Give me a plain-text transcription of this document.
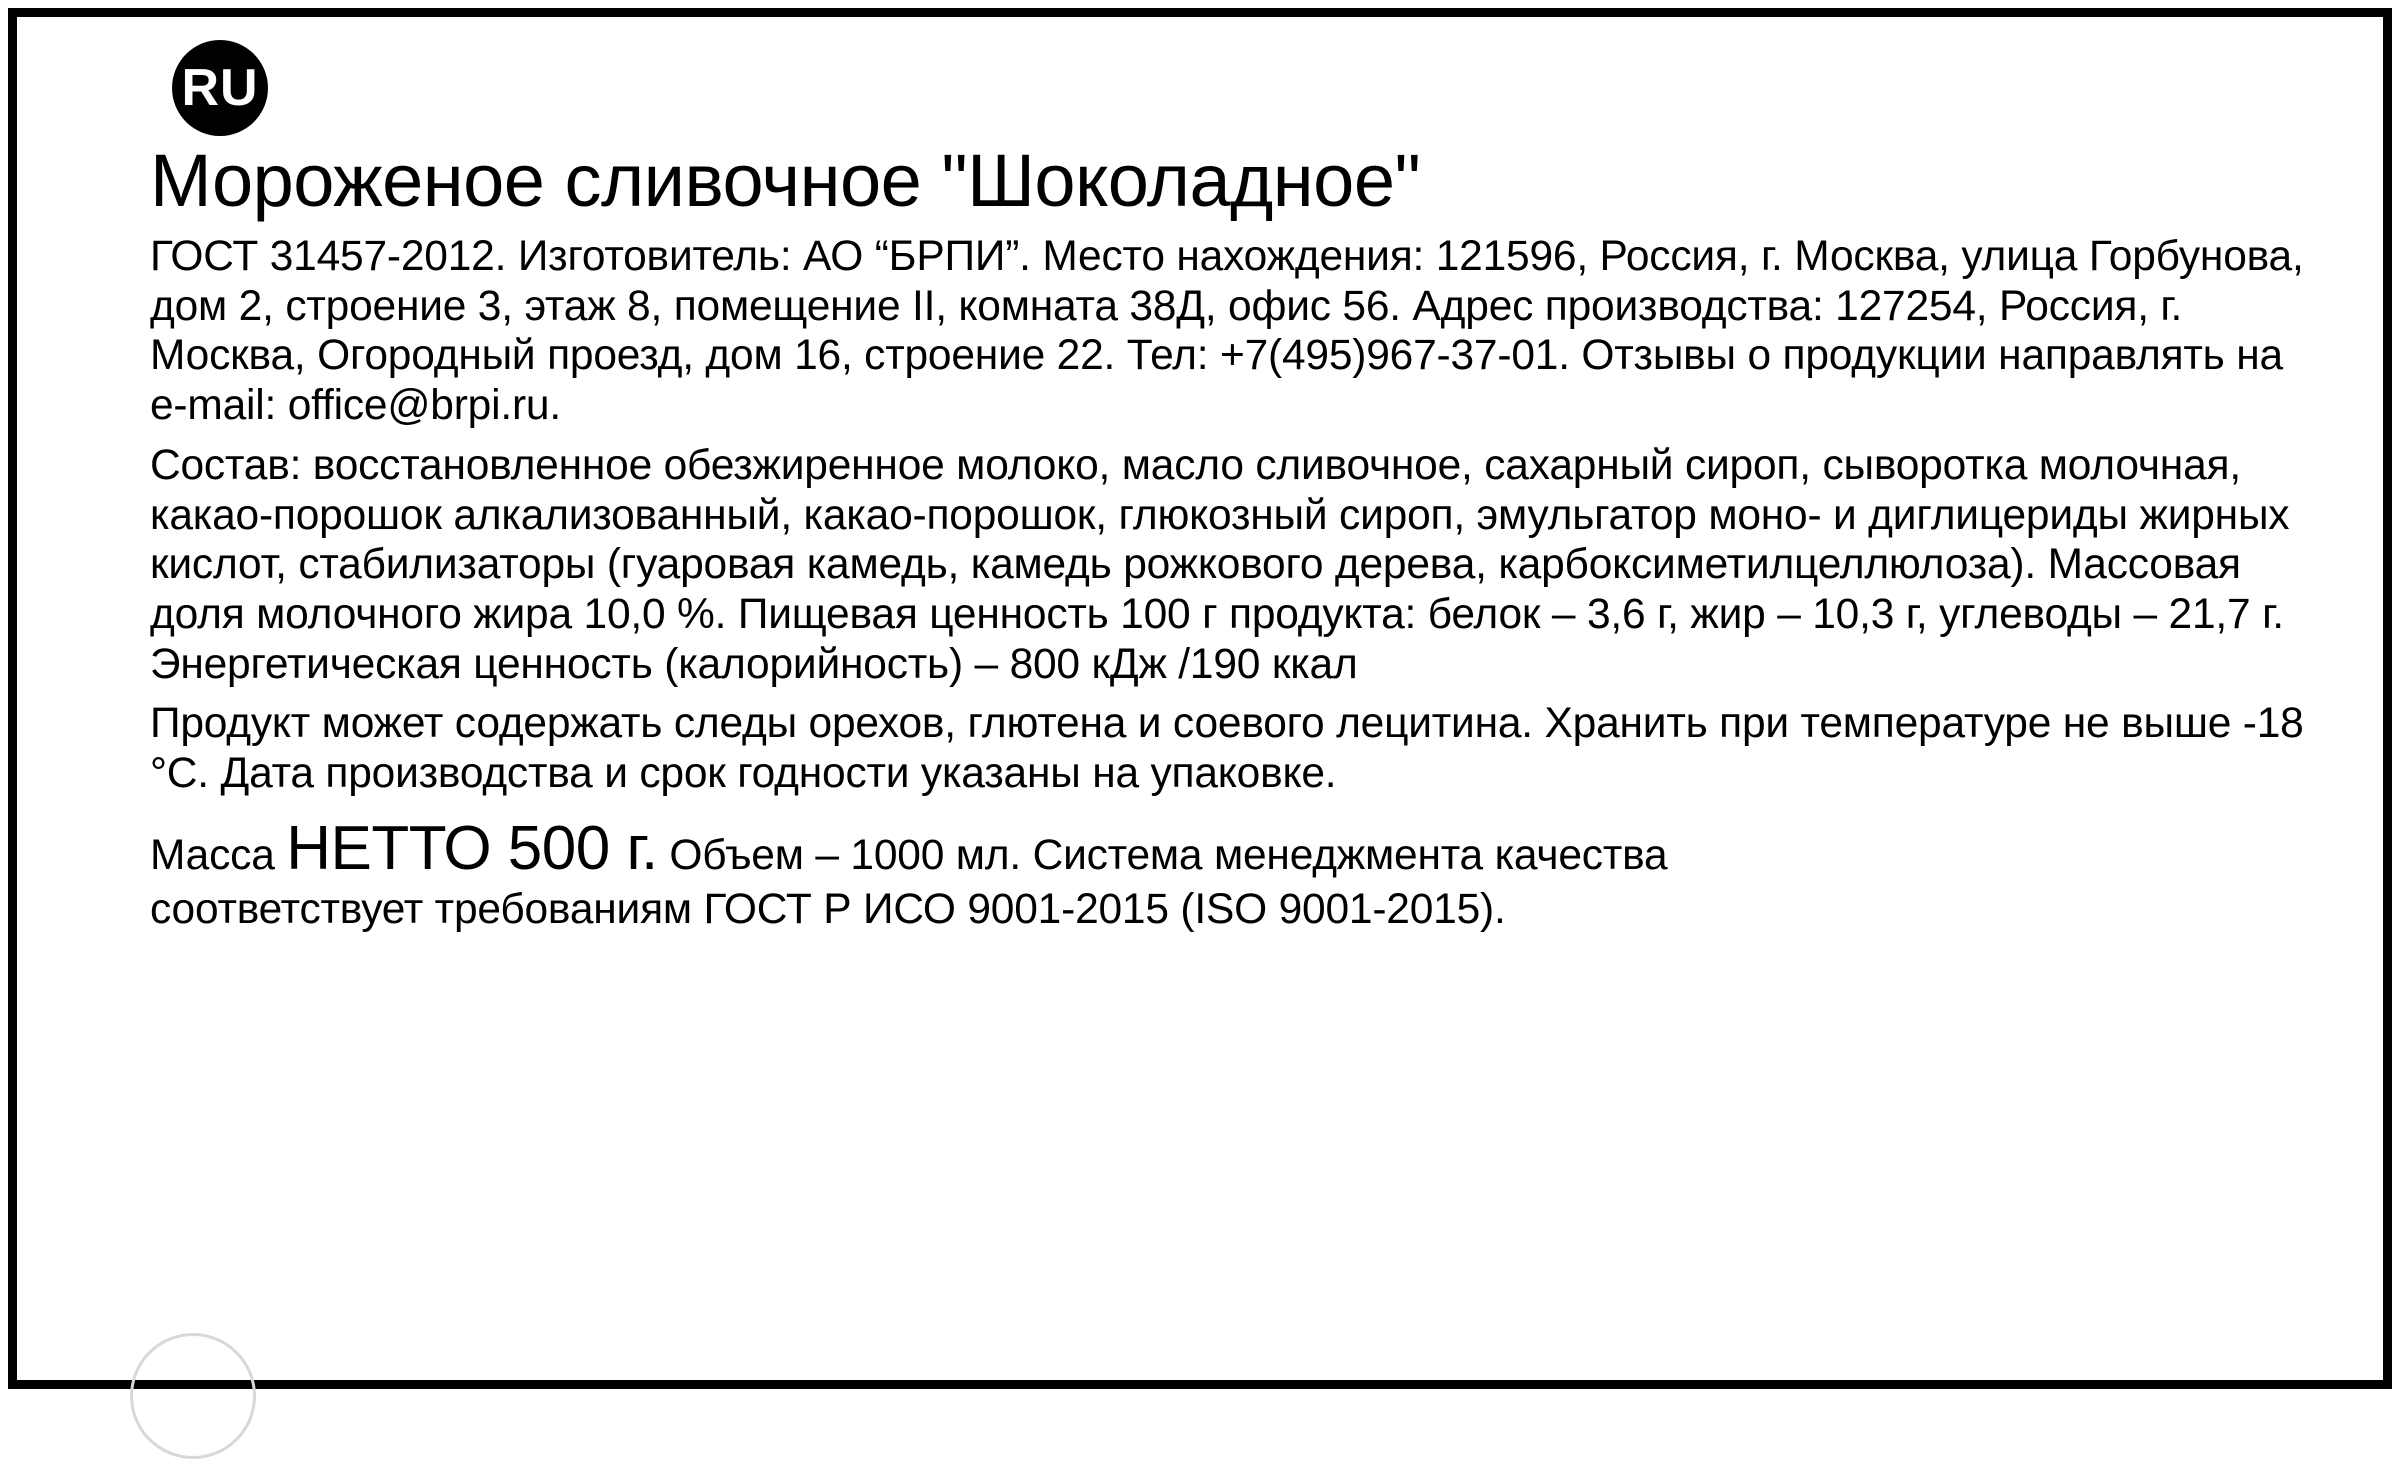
RU
Мороженое сливочное "Шоколадное"
ГОСТ 31457-2012. Изготовитель: АО “БРПИ”. Место нахождения: 121596, Россия, г. Москва, улица Горбунова, дом 2, строение 3, этаж 8, помещение II, комната 38Д, офис 56. Адрес производства: 127254, Россия, г. Москва, Огородный проезд, дом 16, строение 22. Тел: +7(495)967-37-01. Отзывы о продукции направлять на e-mail: office@brpi.ru.
Состав: восстановленное обезжиренное молоко, масло сливочное, сахарный сироп, сыворотка молочная, какао-порошок алкализованный, какао-порошок, глюкозный сироп, эмульгатор моно- и диглицериды жирных кислот, стабилизаторы (гуаровая камедь, камедь рожкового дерева, карбоксиметилцеллюлоза). Массовая доля молочного жира 10,0 %. Пищевая ценность 100 г продукта: белок – 3,6 г, жир – 10,3 г, углеводы – 21,7 г. Энергетическая ценность (калорийность) – 800 кДж /190 ккал
Продукт может содержать следы орехов, глютена и соевого лецитина. Хранить при температуре не выше -18 °C. Дата производства и срок годности указаны на упаковке.
Масса НЕТТО 500 г. Объем – 1000 мл. Система менеджмента качества
соответствует требованиям ГОСТ Р ИСО 9001-2015 (ISO 9001-2015).
